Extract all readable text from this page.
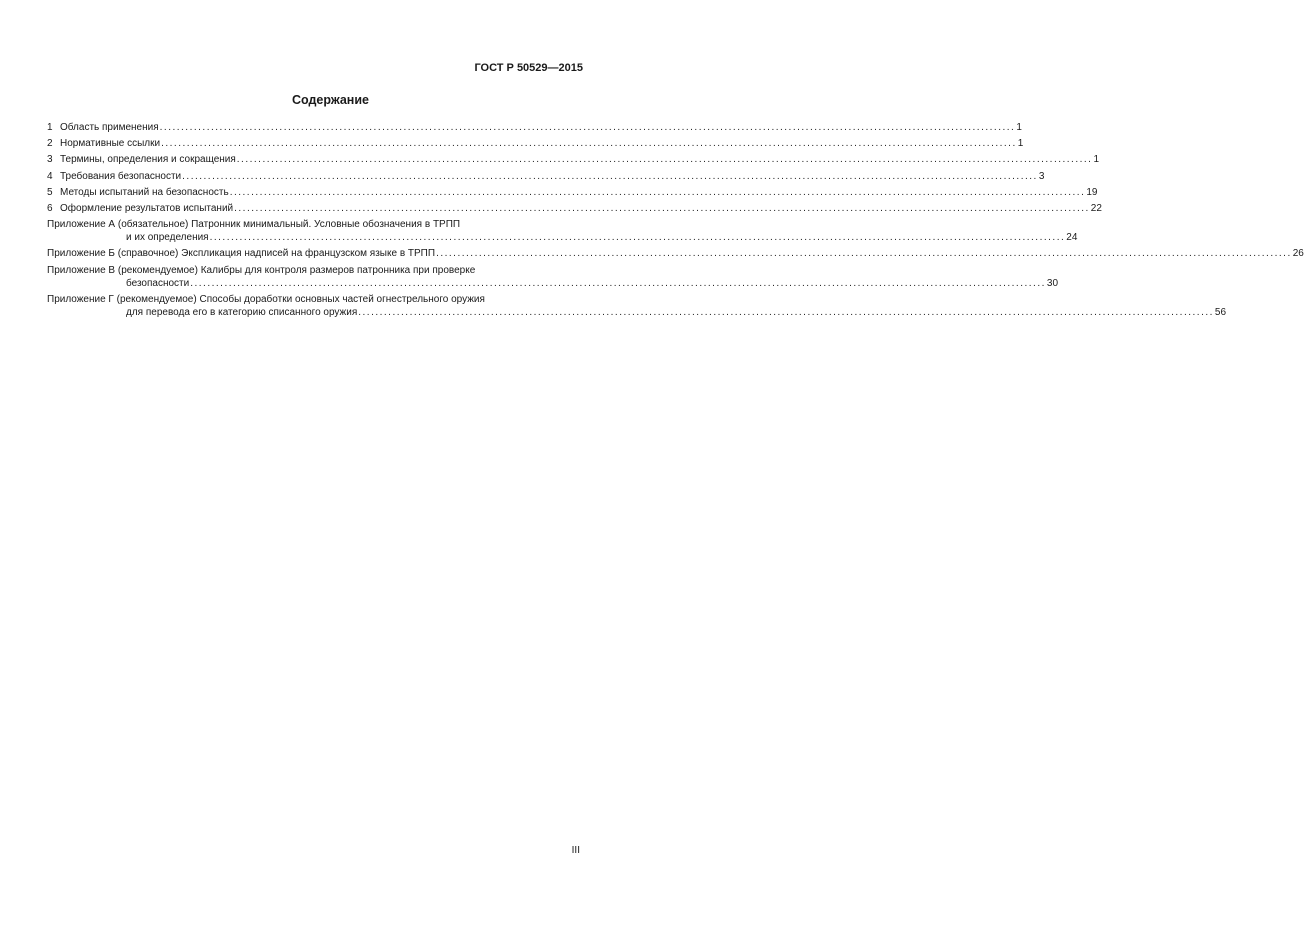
ГОСТ Р 50529—2015
Содержание
1 Область применения ........................................................................................................................................................................................................ 1
2 Нормативные ссылки ........................................................................................................................................................................................................ 1
3 Термины, определения и сокращения ........................................................................................................................................................................................................ 1
4 Требования безопасности ........................................................................................................................................................................................................ 3
5 Методы испытаний на безопасность ........................................................................................................................................................................................................ 19
6 Оформление результатов испытаний ........................................................................................................................................................................................................ 22
Приложение А (обязательное) Патронник минимальный. Условные обозначения в ТРПП
и их определения ........................................................................................................................................................................................................ 24
Приложение Б (справочное) Экспликация надписей на французском языке в ТРПП ........................................................................................................................................................................................................ 26
Приложение В (рекомендуемое) Калибры для контроля размеров патронника при проверке
безопасности ........................................................................................................................................................................................................ 30
Приложение Г (рекомендуемое) Способы доработки основных частей огнестрельного оружия
для перевода его в категорию списанного оружия ........................................................................................................................................................................................................ 56
III
